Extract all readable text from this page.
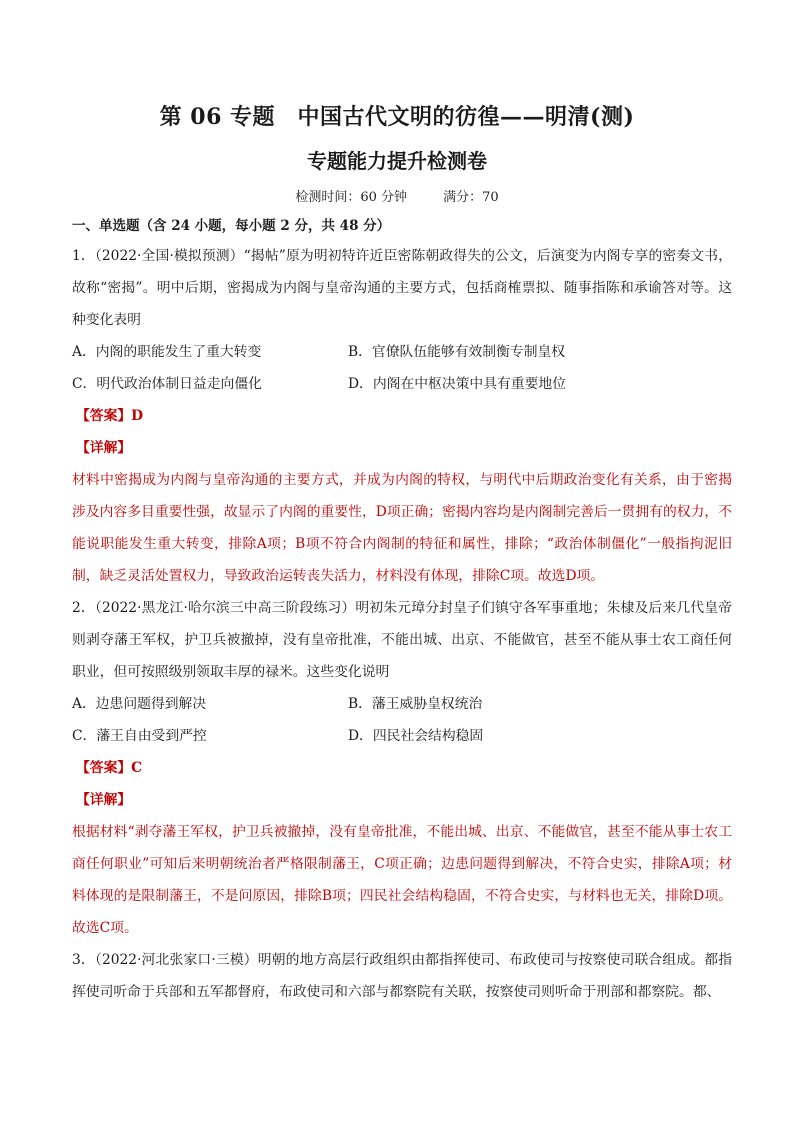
第 06 专题　中国古代文明的彷徨——明清(测)
专题能力提升检测卷
检测时间：60 分钟	满分：70
一、单选题（含 24 小题，每小题 2 分，共 48 分）
1．（2022·全国·模拟预测）“揭帖”原为明初特许近臣密陈朝政得失的公文，后演变为内阁专享的密奏文书，故称“密揭”。明中后期，密揭成为内阁与皇帝沟通的主要方式，包括商榷票拟、随事指陈和承谕答对等。这种变化表明
A．内阁的职能发生了重大转变	B．官僚队伍能够有效制衡专制皇权
C．明代政治体制日益走向僵化	D．内阁在中枢决策中具有重要地位
【答案】D
【详解】
材料中密揭成为内阁与皇帝沟通的主要方式，并成为内阁的特权，与明代中后期政治变化有关系，由于密揭涉及内容多目重要性强，故显示了内阁的重要性，D项正确；密揭内容均是内阁制完善后一贯拥有的权力，不能说职能发生重大转变，排除A项；B项不符合内阁制的特征和属性，排除；“政治体制僵化”一般指拘泥旧制，缺乏灵活处置权力，导致政治运转丧失活力，材料没有体现，排除C项。故选D项。
2．（2022·黑龙江·哈尔滨三中高三阶段练习）明初朱元璋分封皇子们镇守各军事重地；朱棣及后来几代皇帝则剥夺藩王军权，护卫兵被撤掉，没有皇帝批准，不能出城、出京、不能做官，甚至不能从事士农工商任何职业，但可按照级别领取丰厚的禄米。这些变化说明
A．边患问题得到解决	B．藩王威胁皇权统治
C．藩王自由受到严控	D．四民社会结构稳固
【答案】C
【详解】
根据材料“剥夺藩王军权，护卫兵被撤掉，没有皇帝批准，不能出城、出京、不能做官，甚至不能从事士农工商任何职业”可知后来明朝统治者严格限制藩王，C项正确；边患问题得到解决，不符合史实，排除A项；材料体现的是限制藩王，不是问原因，排除B项；四民社会结构稳固，不符合史实，与材料也无关，排除D项。故选C项。
3．（2022·河北张家口·三模）明朝的地方高层行政组织由都指挥使司、布政使司与按察使司联合组成。都指挥使司听命于兵部和五军都督府，布政使司和六部与都察院有关联，按察使司则听命于刑部和都察院。都、
